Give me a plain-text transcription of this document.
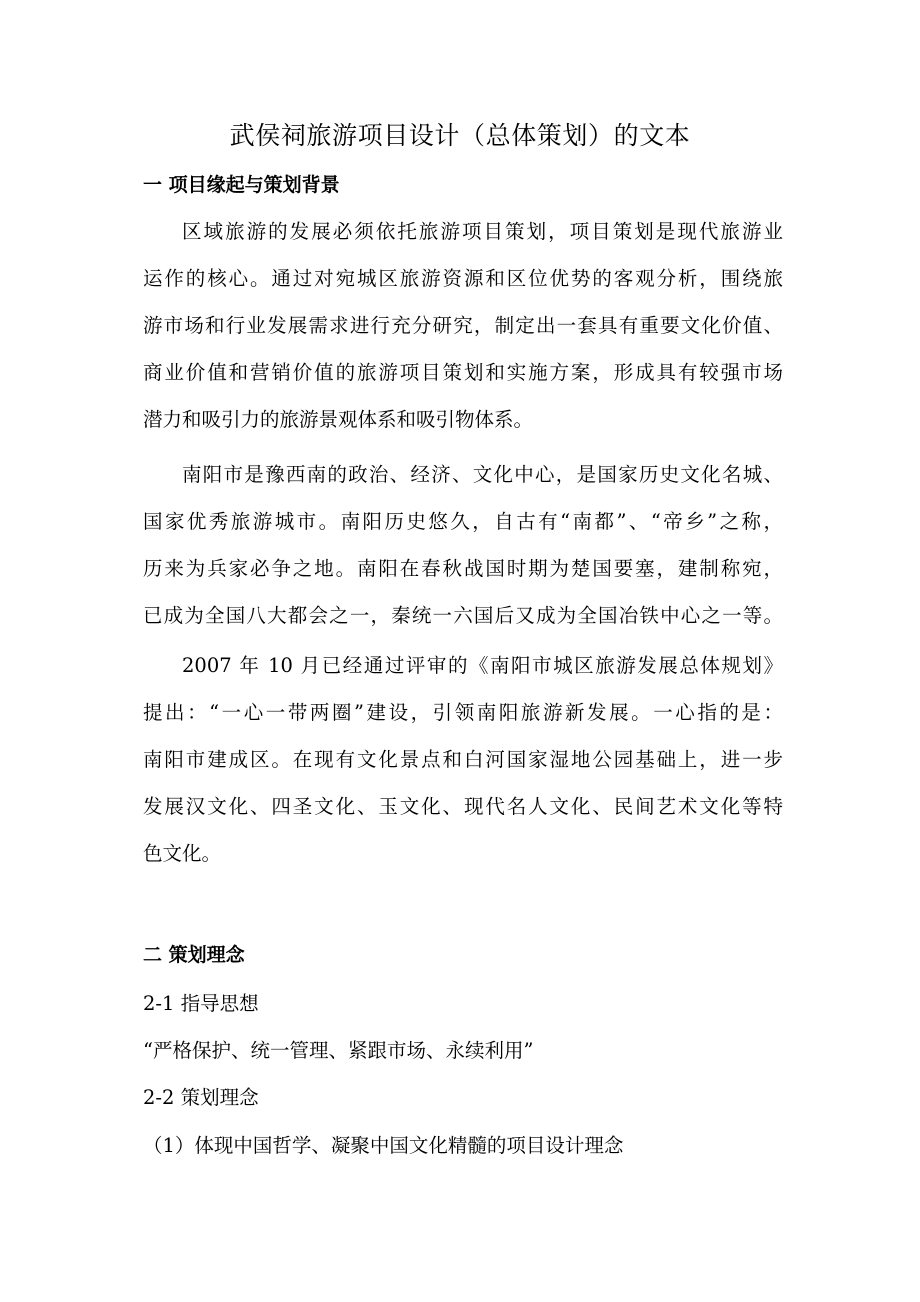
武侯祠旅游项目设计（总体策划）的文本
一 项目缘起与策划背景
区域旅游的发展必须依托旅游项目策划，项目策划是现代旅游业
运作的核心。通过对宛城区旅游资源和区位优势的客观分析，围绕旅
游市场和行业发展需求进行充分研究，制定出一套具有重要文化价值、
商业价值和营销价值的旅游项目策划和实施方案，形成具有较强市场
潜力和吸引力的旅游景观体系和吸引物体系。
南阳市是豫西南的政治、经济、文化中心，是国家历史文化名城、
国家优秀旅游城市。南阳历史悠久，自古有“南都”、“帝乡”之称，
历来为兵家必争之地。南阳在春秋战国时期为楚国要塞，建制称宛，
已成为全国八大都会之一，秦统一六国后又成为全国冶铁中心之一等。
2007 年 10 月已经通过评审的《南阳市城区旅游发展总体规划》
提出：“一心一带两圈”建设，引领南阳旅游新发展。一心指的是：
南阳市建成区。在现有文化景点和白河国家湿地公园基础上，进一步
发展汉文化、四圣文化、玉文化、现代名人文化、民间艺术文化等特
色文化。
二 策划理念
2-1 指导思想
“严格保护、统一管理、紧跟市场、永续利用”
2-2 策划理念
（1）体现中国哲学、凝聚中国文化精髓的项目设计理念
